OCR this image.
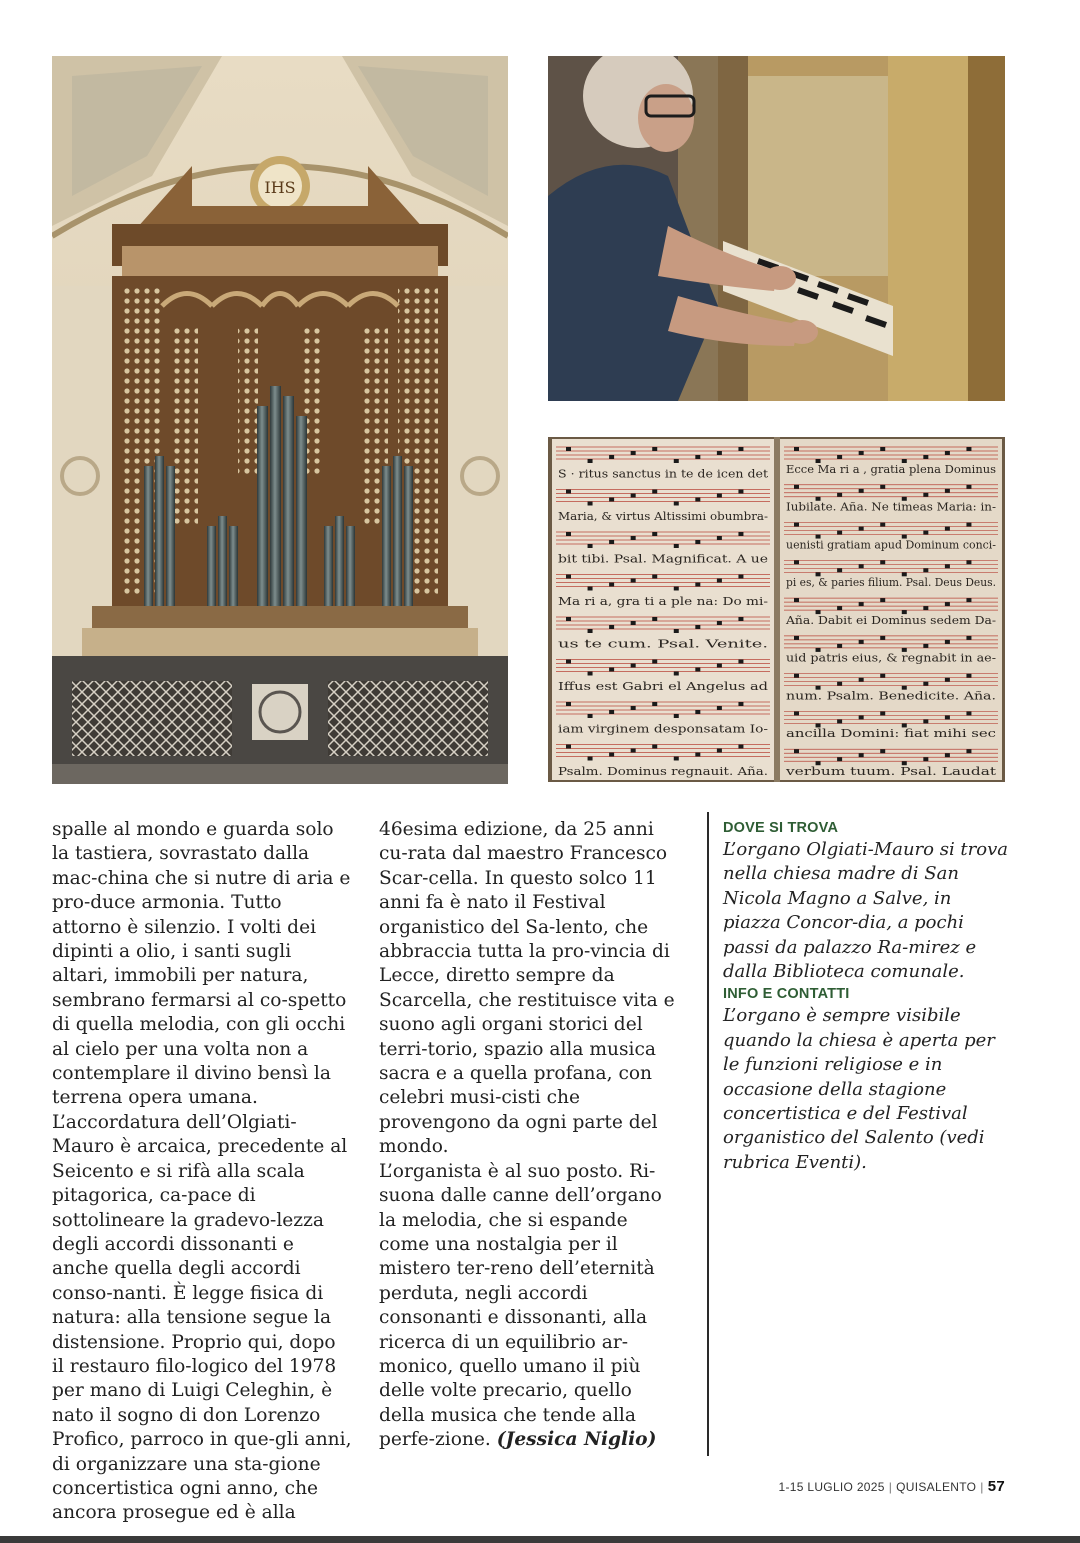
IHS
S · ritus sanctus in te de icen det
Maria, & virtus Altissimi obumbra-
bit tibi. Psal. Magnificat. A ue
Ma ri a, gra ti a ple na: Do mi-
us te cum. Psal. Venite.
Iffus est Gabri el Angelus ad
iam virginem desponsatam Io-
Psalm. Dominus regnauit. Aña.
Ecce Ma ri a , gratia plena Dominus
Iubilate. Aña. Ne timeas Maria: in-
uenisti gratiam apud Dominum conci-
pi es, & paries filium. Psal. Deus Deus.
Aña. Dabit ei Dominus sedem Da-
uid patris eius, & regnabit in ae-
num. Psalm. Benedicite. Aña.
ancilla Domini: fiat mihi sec
verbum tuum. Psal. Laudat

spalle al mondo e guarda solo la tastiera, sovrastato dalla mac-china che si nutre di aria e pro-duce armonia. Tutto attorno è silenzio. I volti dei dipinti a olio, i santi sugli altari, immobili per natura, sembrano fermarsi al co-spetto di quella melodia, con gli occhi al cielo per una volta non a contemplare il divino bensì la terrena opera umana.

L’accordatura dell’Olgiati-Mauro è arcaica, precedente al Seicento e si rifà alla scala pitagorica, ca-pace di sottolineare la gradevo-lezza degli accordi dissonanti e anche quella degli accordi conso-nanti. È legge fisica di natura: alla tensione segue la distensione. Proprio qui, dopo il restauro filo-logico del 1978 per mano di Luigi Celeghin, è nato il sogno di don Lorenzo Profico, parroco in que-gli anni, di organizzare una sta-gione concertistica ogni anno, che ancora prosegue ed è alla

46esima edizione, da 25 anni cu-rata dal maestro Francesco Scar-cella. In questo solco 11 anni fa è nato il Festival organistico del Sa-lento, che abbraccia tutta la pro-vincia di Lecce, diretto sempre da Scarcella, che restituisce vita e suono agli organi storici del terri-torio, spazio alla musica sacra e a quella profana, con celebri musi-cisti che provengono da ogni parte del mondo.

L’organista è al suo posto. Ri-suona dalle canne dell’organo la melodia, che si espande come una nostalgia per il mistero ter-reno dell’eternità perduta, negli accordi consonanti e dissonanti, alla ricerca di un equilibrio ar-monico, quello umano il più delle volte precario, quello della musica che tende alla perfe-zione. (Jessica Niglio)

DOVE SI TROVA

L’organo Olgiati-Mauro si trova nella chiesa madre di San Nicola Magno a Salve, in piazza Concor-dia, a pochi passi da palazzo Ra-mirez e dalla Biblioteca comunale.

INFO E CONTATTI

L’organo è sempre visibile quando la chiesa è aperta per le funzioni religiose e in occasione della stagione concertistica e del Festival organistico del Salento (vedi rubrica Eventi).

1-15 LUGLIO 2025 | QUISALENTO | 57
